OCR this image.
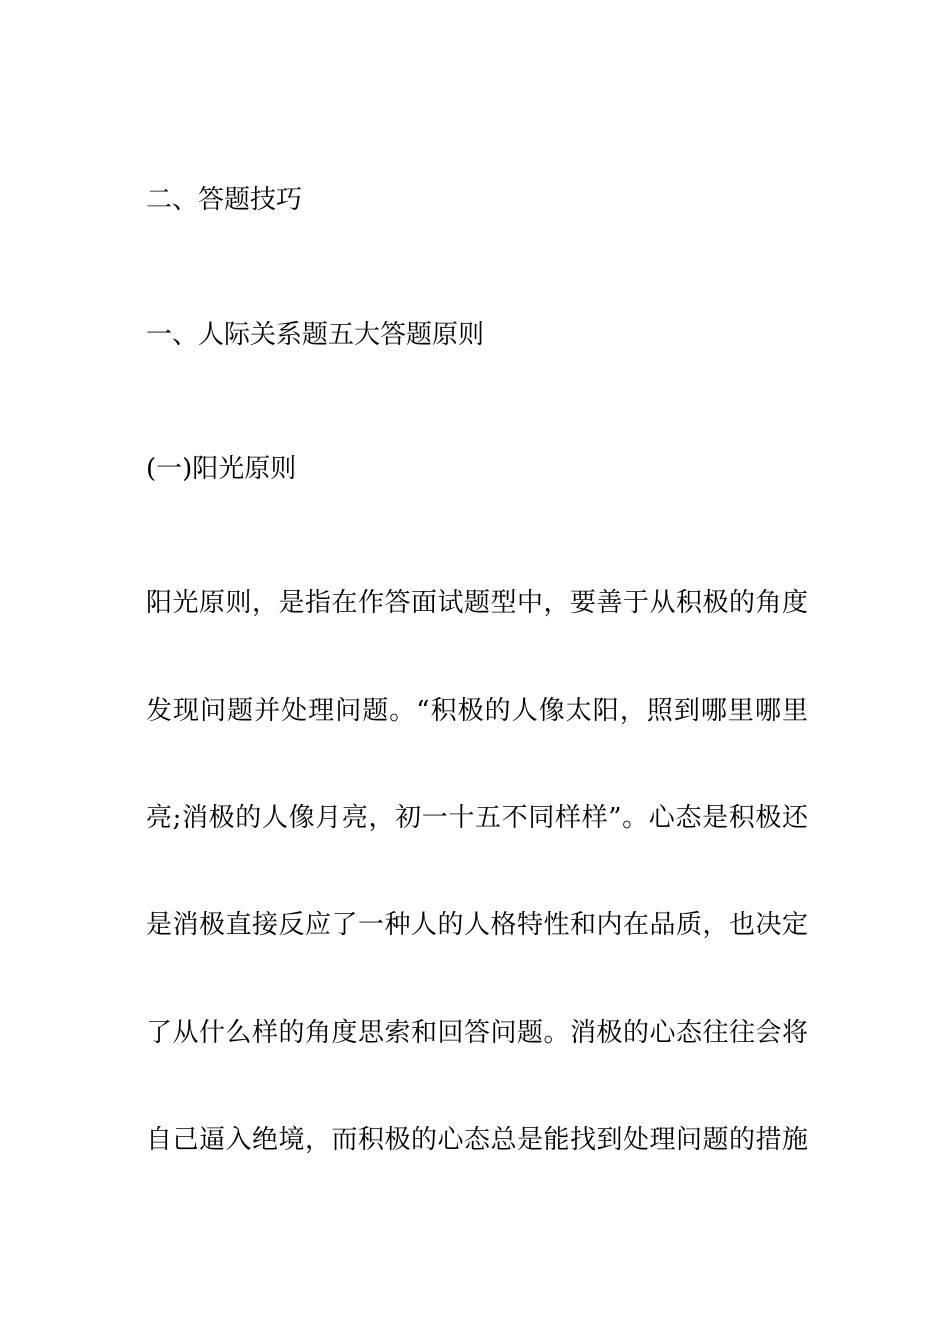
二、答题技巧

一、人际关系题五大答题原则

(一)阳光原则

阳光原则，是指在作答面试题型中，要善于从积极的角度

发现问题并处理问题。“积极的人像太阳，照到哪里哪里

亮;消极的人像月亮，初一十五不同样样”。心态是积极还

是消极直接反应了一种人的人格特性和内在品质，也决定

了从什么样的角度思索和回答问题。消极的心态往往会将

自己逼入绝境，而积极的心态总是能找到处理问题的措施
